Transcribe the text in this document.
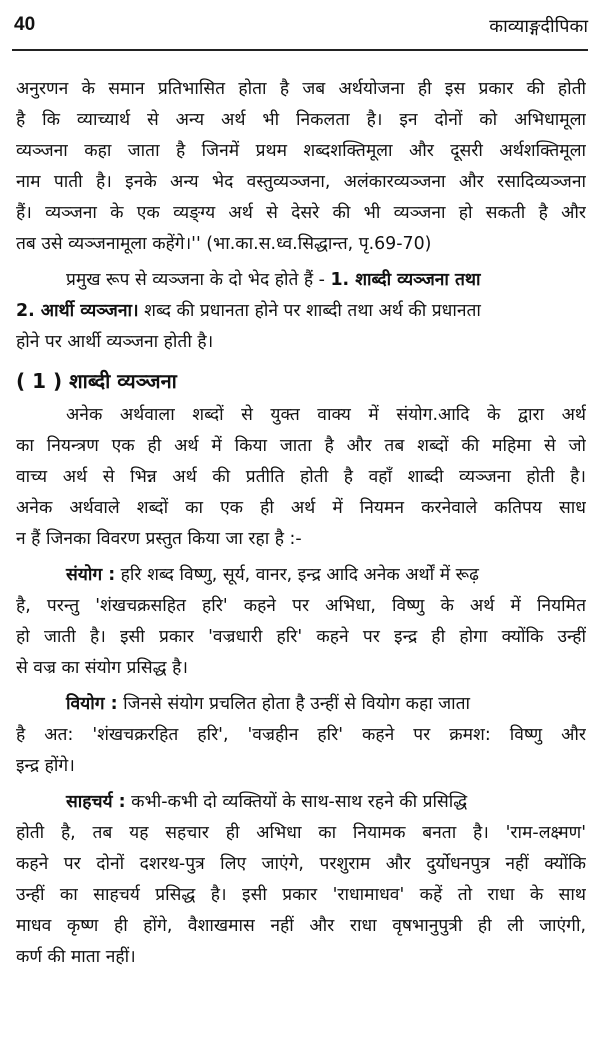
40	काव्याङ्गदीपिका
अनुरणन के समान प्रतिभासित होता है जब अर्थयोजना ही इस प्रकार की होती
है कि व्याच्यार्थ से अन्य अर्थ भी निकलता है। इन दोनों को अभिधामूला
व्यञ्जना कहा जाता है जिनमें प्रथम शब्दशक्तिमूला और दूसरी अर्थशक्तिमूला
नाम पाती है। इनके अन्य भेद वस्तुव्यञ्जना, अलंकारव्यञ्जना और रसादिव्यञ्जना
हैं। व्यञ्जना के एक व्यङ्ग्य अर्थ से देसरे की भी व्यञ्जना हो सकती है और
तब उसे व्यञ्जनामूला कहेंगे।'' (भा.का.स.ध्व.सिद्धान्त, पृ.69-70)
प्रमुख रूप से व्यञ्जना के दो भेद होते हैं - 1. शाब्दी व्यञ्जना तथा
2. आर्थी व्यञ्जना। शब्द की प्रधानता होने पर शाब्दी तथा अर्थ की प्रधानता
होने पर आर्थी व्यञ्जना होती है।
( 1 ) शाब्दी व्यञ्जना
अनेक अर्थवाला शब्दों से युक्त वाक्य में संयोग.आदि के द्वारा अर्थ
का नियन्त्रण एक ही अर्थ में किया जाता है और तब शब्दों की महिमा से जो
वाच्य अर्थ से भिन्न अर्थ की प्रतीति होती है वहाँ शाब्दी व्यञ्जना होती है।
अनेक अर्थवाले शब्दों का एक ही अर्थ में नियमन करनेवाले कतिपय साध
न हैं जिनका विवरण प्रस्तुत किया जा रहा है :-
संयोग : हरि शब्द विष्णु, सूर्य, वानर, इन्द्र आदि अनेक अर्थों में रूढ़
है, परन्तु 'शंखचक्रसहित हरि' कहने पर अभिधा, विष्णु के अर्थ में नियमित
हो जाती है। इसी प्रकार 'वज्रधारी हरि' कहने पर इन्द्र ही होगा क्योंकि उन्हीं
से वज्र का संयोग प्रसिद्ध है।
वियोग : जिनसे संयोग प्रचलित होता है उन्हीं से वियोग कहा जाता
है अत: 'शंखचक्ररहित हरि', 'वज्रहीन हरि' कहने पर क्रमश: विष्णु और
इन्द्र होंगे।
साहचर्य : कभी-कभी दो व्यक्तियों के साथ-साथ रहने की प्रसिद्धि
होती है, तब यह सहचार ही अभिधा का नियामक बनता है। 'राम-लक्ष्मण'
कहने पर दोनों दशरथ-पुत्र लिए जाएंगे, परशुराम और दुर्योधनपुत्र नहीं क्योंकि
उन्हीं का साहचर्य प्रसिद्ध है। इसी प्रकार 'राधामाधव' कहें तो राधा के साथ
माधव कृष्ण ही होंगे, वैशाखमास नहीं और राधा वृषभानुपुत्री ही ली जाएंगी,
कर्ण की माता नहीं।
